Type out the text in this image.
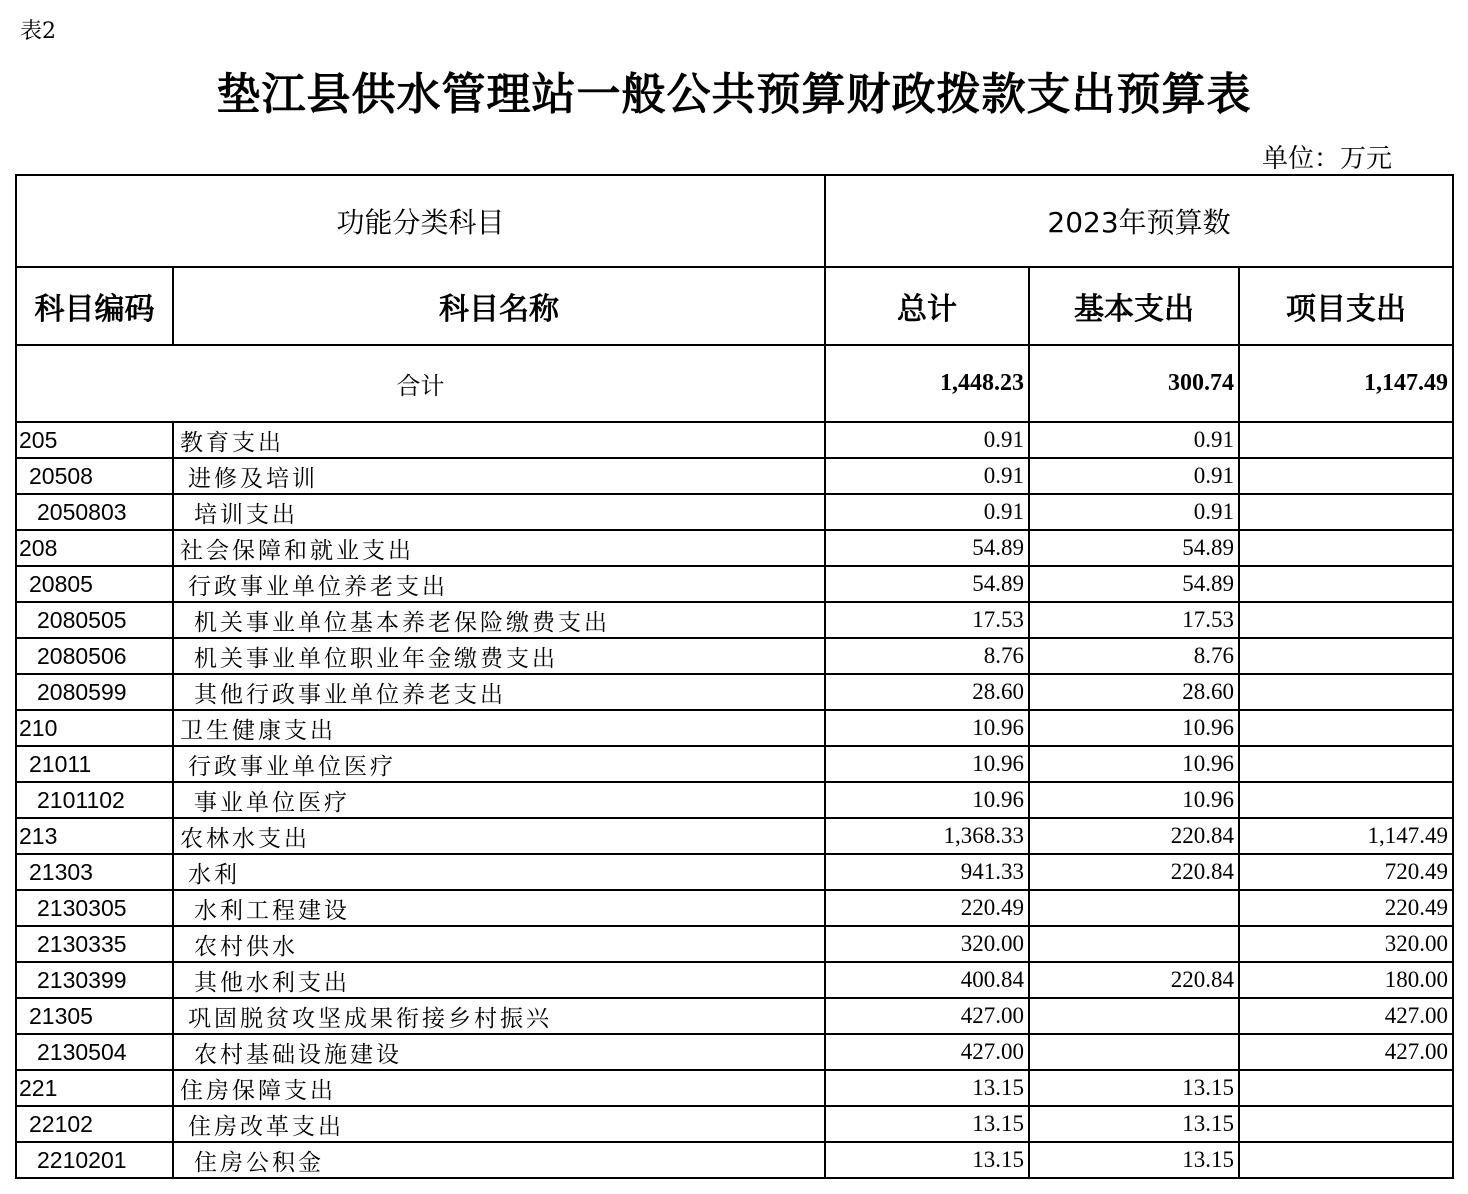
表2
垫江县供水管理站一般公共预算财政拨款支出预算表
单位：万元
功能分类科目		2023年预算数		
科目编码	科目名称	总计	基本支出	项目支出
合计		1,448.23	300.74	1,147.49
205	教育支出	0.91	0.91	
20508	进修及培训	0.91	0.91	
2050803	培训支出	0.91	0.91	
208	社会保障和就业支出	54.89	54.89	
20805	行政事业单位养老支出	54.89	54.89	
2080505	机关事业单位基本养老保险缴费支出	17.53	17.53	
2080506	机关事业单位职业年金缴费支出	8.76	8.76	
2080599	其他行政事业单位养老支出	28.60	28.60	
210	卫生健康支出	10.96	10.96	
21011	行政事业单位医疗	10.96	10.96	
2101102	事业单位医疗	10.96	10.96	
213	农林水支出	1,368.33	220.84	1,147.49
21303	水利	941.33	220.84	720.49
2130305	水利工程建设	220.49		220.49
2130335	农村供水	320.00		320.00
2130399	其他水利支出	400.84	220.84	180.00
21305	巩固脱贫攻坚成果衔接乡村振兴	427.00		427.00
2130504	农村基础设施建设	427.00		427.00
221	住房保障支出	13.15	13.15	
22102	住房改革支出	13.15	13.15	
2210201	住房公积金	13.15	13.15	
